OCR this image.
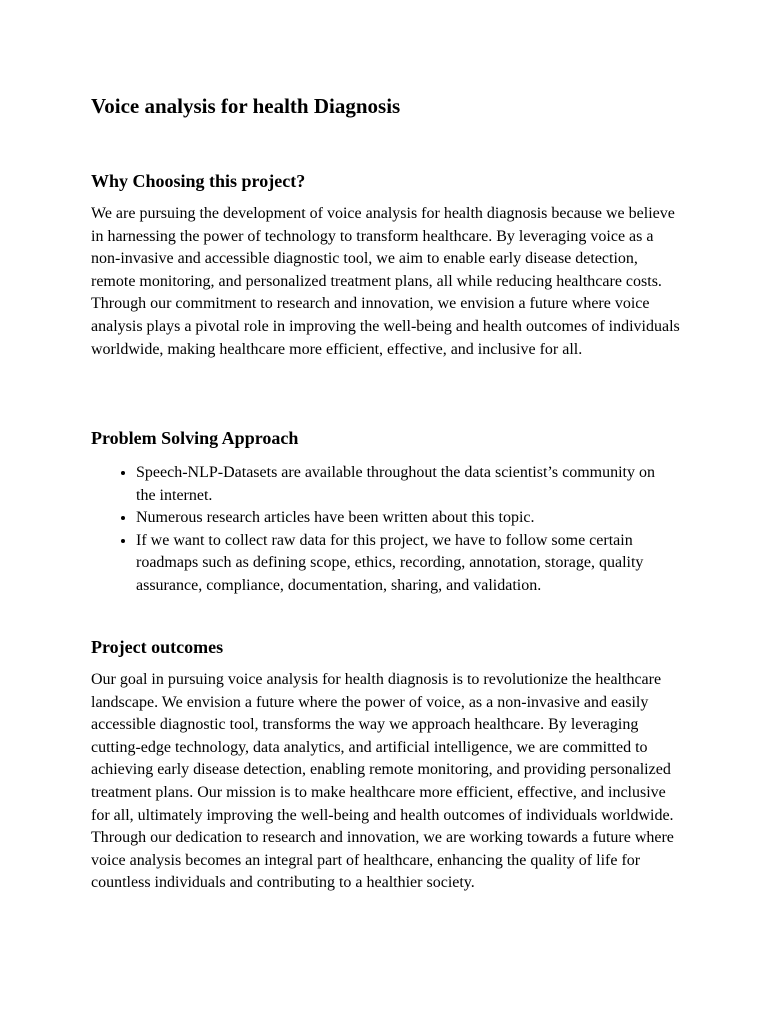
Voice analysis for health Diagnosis
Why Choosing this project?

We are pursuing the development of voice analysis for health diagnosis because we believe in harnessing the power of technology to transform healthcare. By leveraging voice as a non-invasive and accessible diagnostic tool, we aim to enable early disease detection, remote monitoring, and personalized treatment plans, all while reducing healthcare costs. Through our commitment to research and innovation, we envision a future where voice analysis plays a pivotal role in improving the well-being and health outcomes of individuals worldwide, making healthcare more efficient, effective, and inclusive for all.

Problem Solving Approach
• Speech-NLP-Datasets are available throughout the data scientist’s community on the internet.
• Numerous research articles have been written about this topic.
• If we want to collect raw data for this project, we have to follow some certain roadmaps such as defining scope, ethics, recording, annotation, storage, quality assurance, compliance, documentation, sharing, and validation.
Project outcomes

Our goal in pursuing voice analysis for health diagnosis is to revolutionize the healthcare landscape. We envision a future where the power of voice, as a non-invasive and easily accessible diagnostic tool, transforms the way we approach healthcare. By leveraging cutting-edge technology, data analytics, and artificial intelligence, we are committed to achieving early disease detection, enabling remote monitoring, and providing personalized treatment plans. Our mission is to make healthcare more efficient, effective, and inclusive for all, ultimately improving the well-being and health outcomes of individuals worldwide. Through our dedication to research and innovation, we are working towards a future where voice analysis becomes an integral part of healthcare, enhancing the quality of life for countless individuals and contributing to a healthier society.
